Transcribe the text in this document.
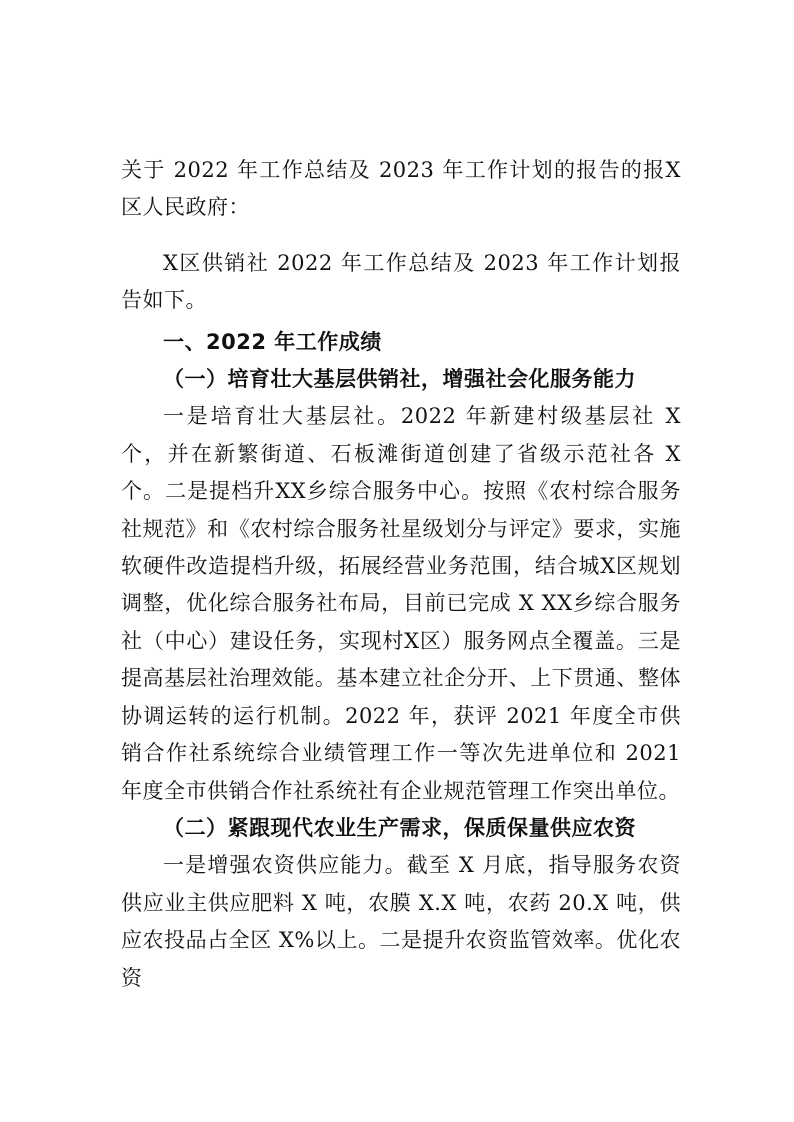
关于 2022 年工作总结及 2023 年工作计划的报告的报X区人民政府：

X区供销社 2022 年工作总结及 2023 年工作计划报告如下。

一、2022 年工作成绩

（一）培育壮大基层供销社，增强社会化服务能力

一是培育壮大基层社。2022 年新建村级基层社 X 个，并在新繁街道、石板滩街道创建了省级示范社各 X 个。二是提档升XX乡综合服务中心。按照《农村综合服务社规范》和《农村综合服务社星级划分与评定》要求，实施软硬件改造提档升级，拓展经营业务范围，结合城X区规划调整，优化综合服务社布局，目前已完成 X XX乡综合服务社（中心）建设任务，实现村X区）服务网点全覆盖。三是提高基层社治理效能。基本建立社企分开、上下贯通、整体协调运转的运行机制。2022 年，获评 2021 年度全市供销合作社系统综合业绩管理工作一等次先进单位和 2021 年度全市供销合作社系统社有企业规范管理工作突出单位。

（二）紧跟现代农业生产需求，保质保量供应农资

一是增强农资供应能力。截至 X 月底，指导服务农资供应业主供应肥料 X 吨，农膜 X.X 吨，农药 20.X 吨，供应农投品占全区 X%以上。二是提升农资监管效率。优化农资
